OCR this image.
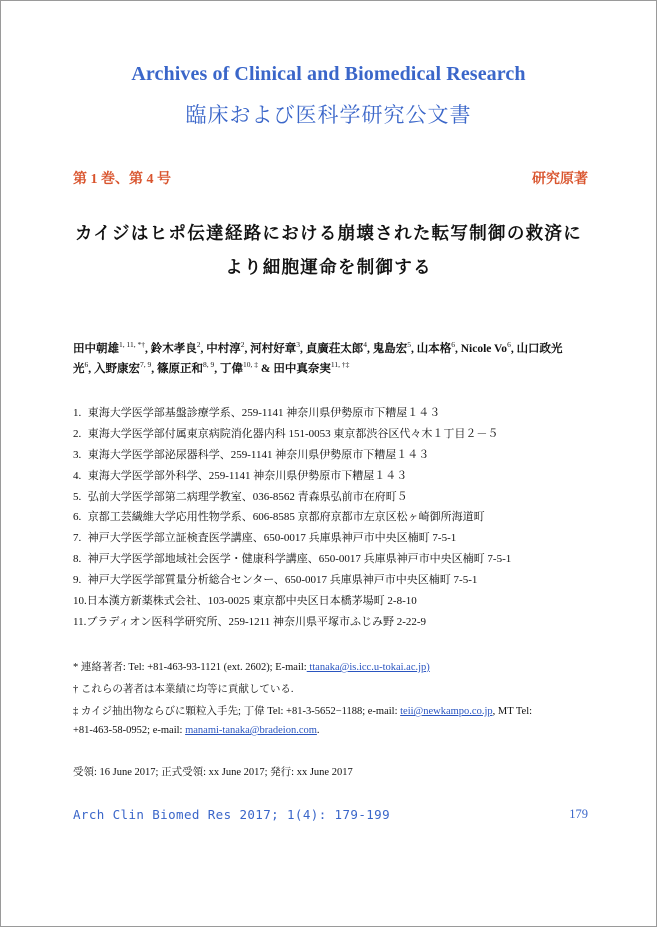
Archives of Clinical and Biomedical Research
臨床および医科学研究公文書
第 1 巻、第 4 号	研究原著
カイジはヒポ伝達経路における崩壊された転写制御の救済に
より細胞運命を制御する
田中朝雄$^{1, 11, *\dagger}$, 鈴木孝良$^2$, 中村淳$^2$, 河村好章$^3$, 貞廣荘太郎$^4$, 鬼島宏$^5$, 山本格$^6$, Nicole Vo$^6$, 山口政光
光$^6$, 入野康宏$^{7, 9}$, 篠原正和$^{8, 9}$, 丁偉$^{10, \ddagger}$ & 田中真奈実$^{11, \dagger\ddagger}$
1. 東海大学医学部基盤診療学系、259-1141 神奈川県伊勢原市下糟屋１４３
2. 東海大学医学部付属東京病院消化器内科 151-0053 東京都渋谷区代々木１丁目２－５
3. 東海大学医学部泌尿器科学、259-1141 神奈川県伊勢原市下糟屋１４３
4. 東海大学医学部外科学、259-1141 神奈川県伊勢原市下糟屋１４３
5. 弘前大学医学部第二病理学教室、036-8562 青森県弘前市在府町５
6. 京都工芸繊維大学応用性物学系、606-8585 京都府京都市左京区松ヶ崎御所海道町
7. 神戸大学医学部立証検査医学講座、650-0017 兵庫県神戸市中央区楠町 7-5-1
8. 神戸大学医学部地域社会医学・健康科学講座、650-0017 兵庫県神戸市中央区楠町 7-5-1
9. 神戸大学医学部質量分析総合センター、650-0017 兵庫県神戸市中央区楠町 7-5-1
10.日本漢方新薬株式会社、103-0025 東京都中央区日本橋茅場町 2-8-10
11.ブラディオン医科学研究所、259-1211 神奈川県平塚市ふじみ野 2-22-9

* 連絡著者: Tel: +81-463-93-1121 (ext. 2602); E-mail: ttanaka@is.icc.u-tokai.ac.jp)

† これらの著者は本業績に均等に貢献している.

‡ カイジ抽出物ならびに顆粒入手先; 丁偉 Tel: +81-3-5652−1188; e-mail: teii@newkampo.co.jp, MT Tel:

+81-463-58-0952; e-mail: manami-tanaka@bradeion.com.

受領: 16 June 2017; 正式受領: xx June 2017; 発行: xx June 2017
Arch Clin Biomed Res 2017; 1(4): 179-199	179
